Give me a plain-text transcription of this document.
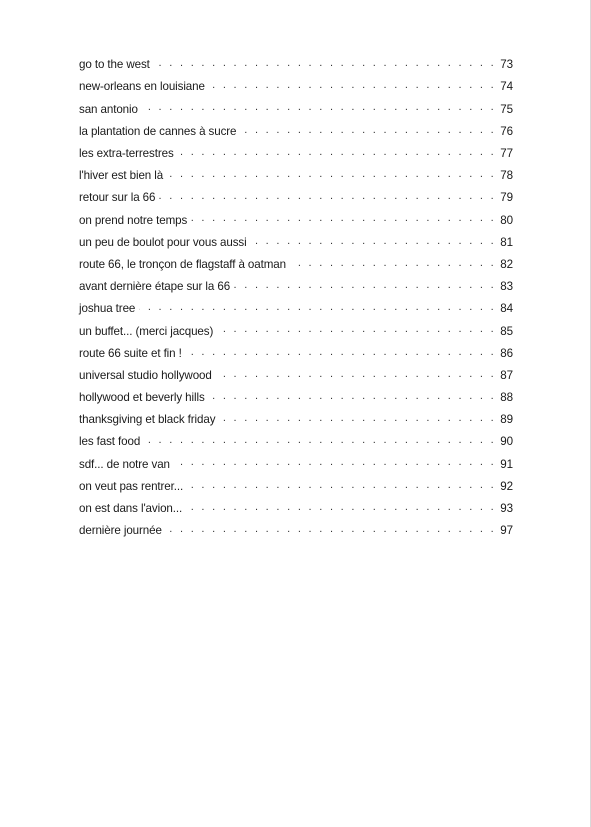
go to the west . . .	73
new-orleans en louisiane . . .	74
san antonio . . .	75
la plantation de cannes à sucre . . .	76
les extra-terrestres . . .	77
l'hiver est bien là . . .	78
retour sur la 66 . . .	79
on prend notre temps . . .	80
un peu de boulot pour vous aussi . . .	81
route 66, le tronçon de flagstaff à oatman . . .	82
avant dernière étape sur la 66 . . .	83
joshua tree . . .	84
un buffet... (merci jacques) . . .	85
route 66 suite et fin ! . . .	86
universal studio hollywood . . .	87
hollywood et beverly hills . . .	88
thanksgiving et black friday . . .	89
les fast food . . .	90
sdf... de notre van . . .	91
on veut pas rentrer... . . .	92
on est dans l'avion... . . .	93
dernière journée . . .	97
